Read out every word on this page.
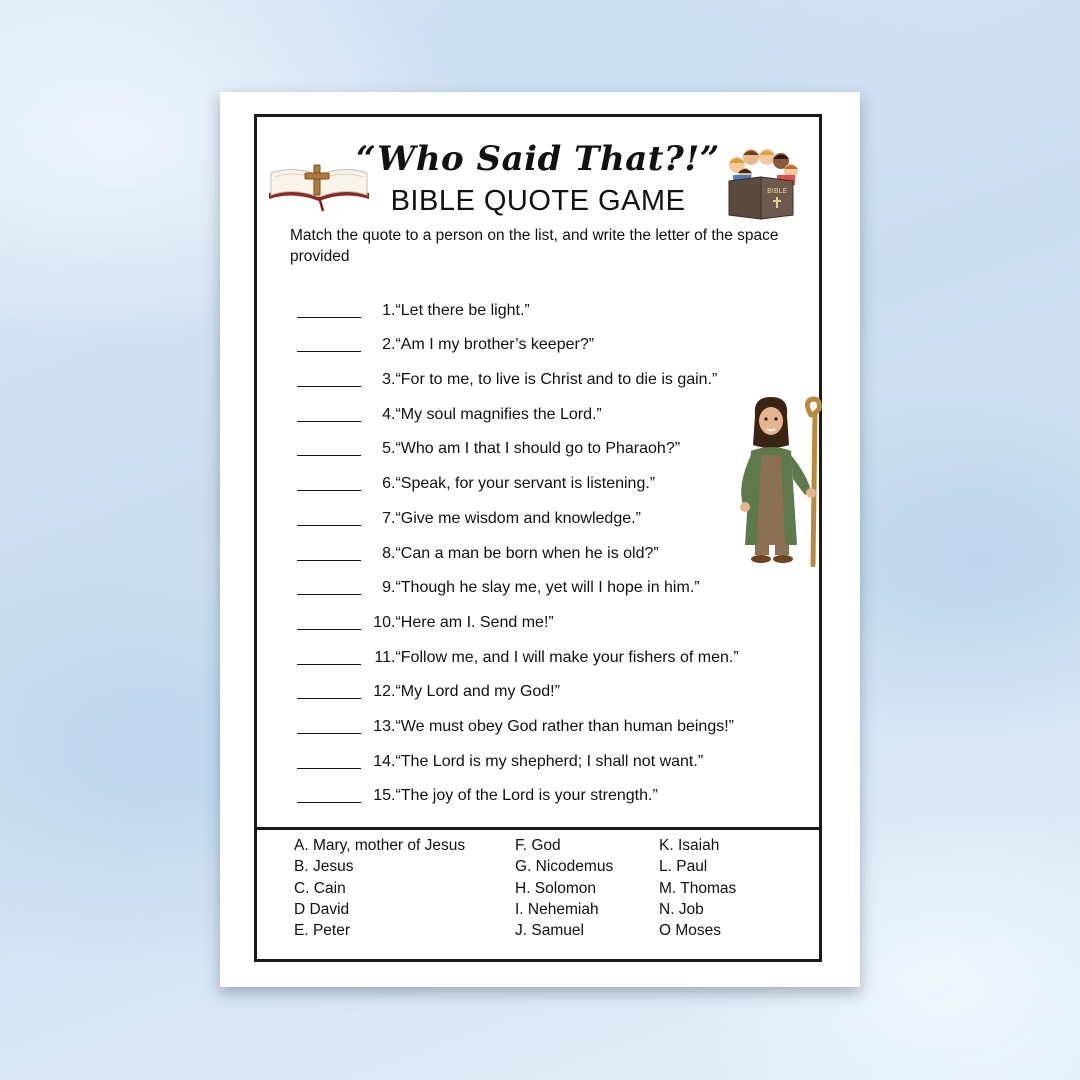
“Who Said That?!”
BIBLE QUOTE GAME	BIBLE
Match the quote to a person on the list, and write the letter of the space provided
1 . “Let there be light.”
2 . “Am I my brother’s keeper?”
3 . “For to me, to live is Christ and to die is gain.”
4 . “My soul magnifies the Lord.”
5 . “Who am I that I should go to Pharaoh?”
6 . “Speak, for your servant is listening.”
7 . “Give me wisdom and knowledge.”
8 . “Can a man be born when he is old?”
9 . “Though he slay me, yet will I hope in him.”
10 . “Here am I. Send me!”
11 . “Follow me, and I will make your fishers of men.”
12 . “My Lord and my God!”
13 . “We must obey God rather than human beings!”
14 . “The Lord is my shepherd; I shall not want.”
15 . “The joy of the Lord is your strength.”
A. Mary, mother of Jesus
B. Jesus
C. Cain
D David
E. Peter
F. God
G. Nicodemus
H. Solomon
I. Nehemiah
J. Samuel
K. Isaiah
L. Paul
M. Thomas
N. Job
O Moses
